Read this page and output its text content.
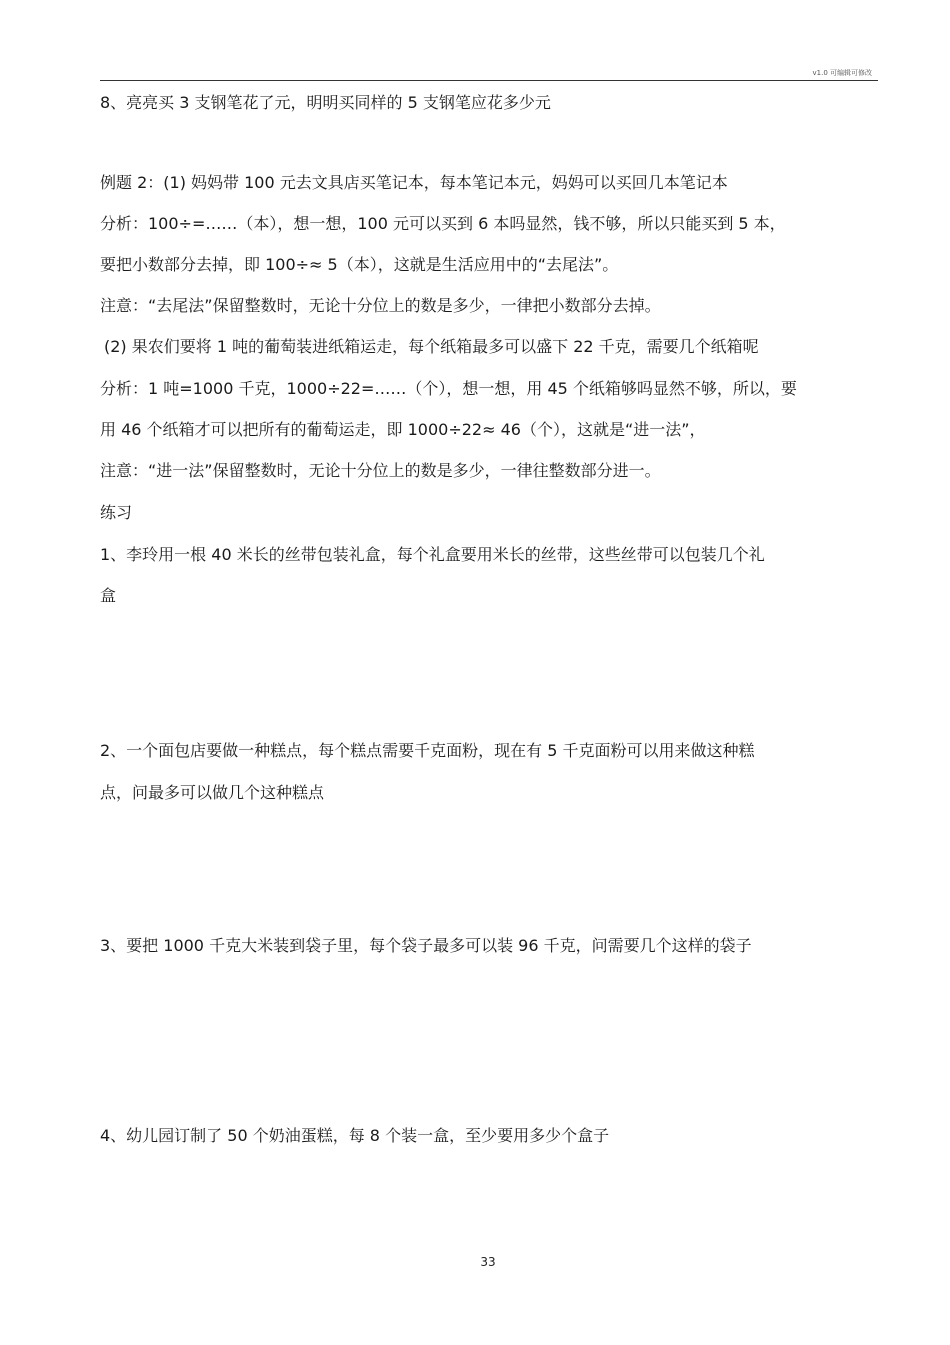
v1.0 可编辑可修改
8、亮亮买 3 支钢笔花了元，明明买同样的 5 支钢笔应花多少元
例题 2：(1) 妈妈带 100 元去文具店买笔记本，每本笔记本元，妈妈可以买回几本笔记本
分析：100÷=……（本），想一想，100 元可以买到 6 本吗显然，钱不够，所以只能买到 5 本，
要把小数部分去掉，即 100÷≈ 5（本），这就是生活应用中的“去尾法”。
注意：“去尾法”保留整数时，无论十分位上的数是多少，一律把小数部分去掉。
(2) 果农们要将 1 吨的葡萄装进纸箱运走，每个纸箱最多可以盛下 22 千克，需要几个纸箱呢
分析：1 吨=1000 千克，1000÷22=……（个），想一想，用 45 个纸箱够吗显然不够，所以，要
用 46 个纸箱才可以把所有的葡萄运走，即 1000÷22≈ 46（个），这就是“进一法”，
注意：“进一法”保留整数时，无论十分位上的数是多少，一律往整数部分进一。
练习
1、李玲用一根 40 米长的丝带包装礼盒，每个礼盒要用米长的丝带，这些丝带可以包装几个礼
盒
2、一个面包店要做一种糕点，每个糕点需要千克面粉，现在有 5 千克面粉可以用来做这种糕
点，问最多可以做几个这种糕点
3、要把 1000 千克大米装到袋子里，每个袋子最多可以装 96 千克，问需要几个这样的袋子
4、幼儿园订制了 50 个奶油蛋糕，每 8 个装一盒，至少要用多少个盒子
33
